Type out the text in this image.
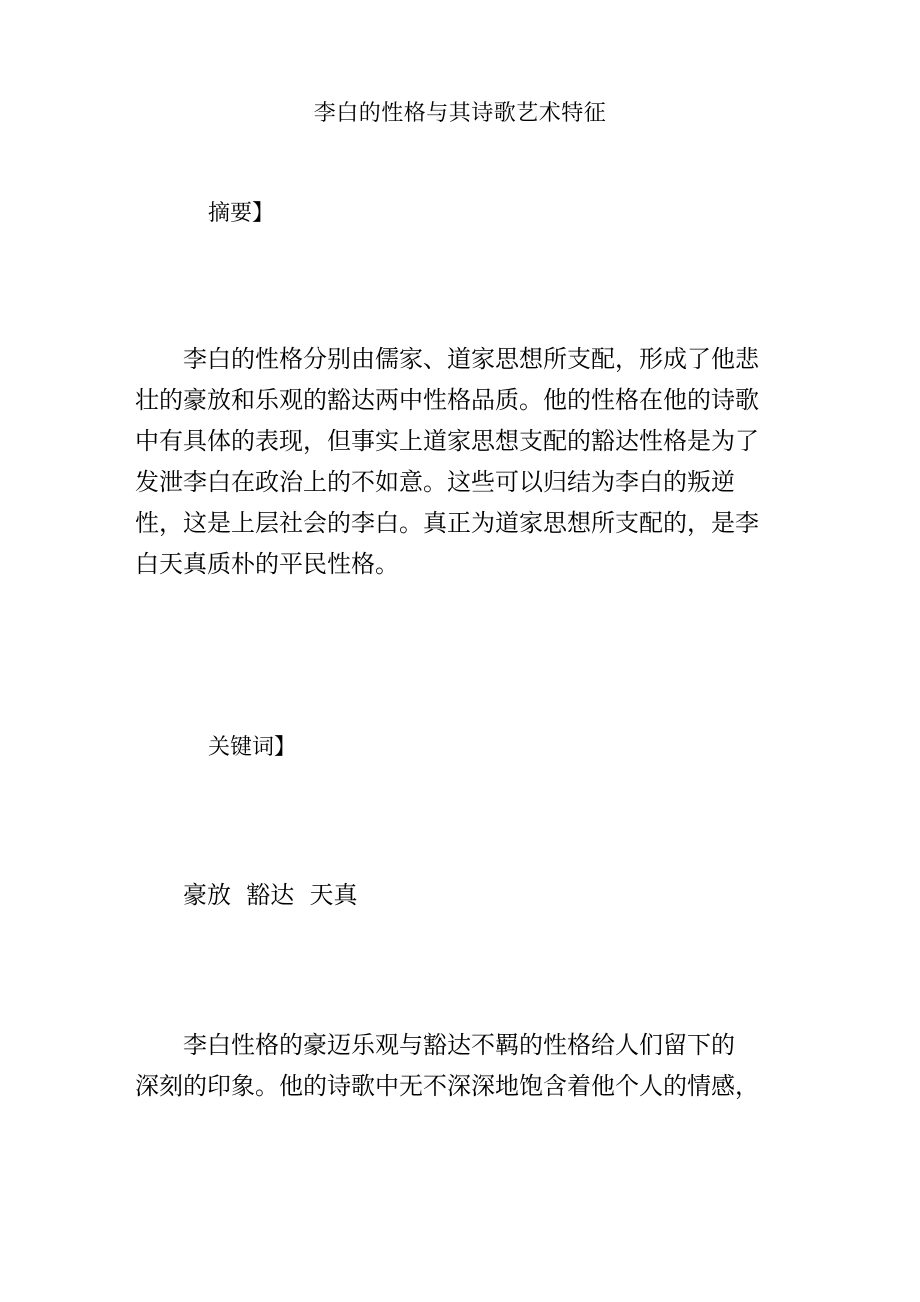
李白的性格与其诗歌艺术特征
摘要】
　　李白的性格分别由儒家、道家思想所支配，形成了他悲
壮的豪放和乐观的豁达两中性格品质。他的性格在他的诗歌
中有具体的表现，但事实上道家思想支配的豁达性格是为了
发泄李白在政治上的不如意。这些可以归结为李白的叛逆
性，这是上层社会的李白。真正为道家思想所支配的，是李
白天真质朴的平民性格。
关键词】
豪放  豁达  天真
　　李白性格的豪迈乐观与豁达不羁的性格给人们留下的
深刻的印象。他的诗歌中无不深深地饱含着他个人的情感，
